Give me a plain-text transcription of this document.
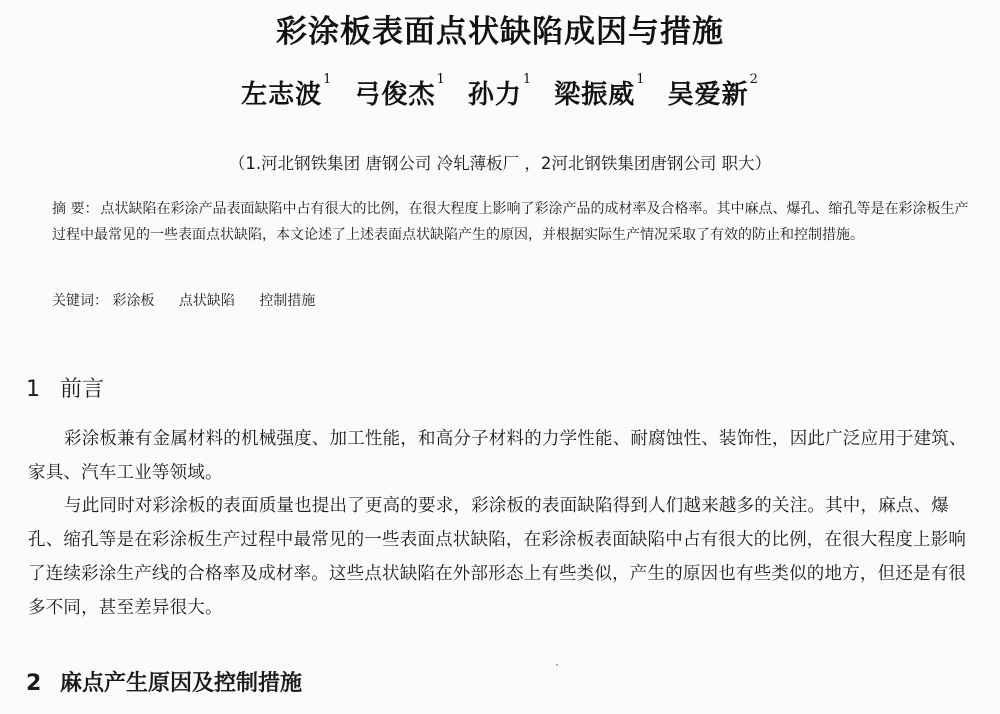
彩涂板表面点状缺陷成因与措施
左志波$^1$ 弓俊杰$^1$ 孙力$^1$ 梁振威$^1$ 吴爱新$^2$
（1.河北钢铁集团 唐钢公司 冷轧薄板厂 ，2河北钢铁集团唐钢公司 职大）
摘 要： 点状缺陷在彩涂产品表面缺陷中占有很大的比例，在很大程度上影响了彩涂产品的成材率及合格率。其中麻点、爆孔、缩孔等是在彩涂板生产过程中最常见的一些表面点状缺陷，本文论述了上述表面点状缺陷产生的原因，并根据实际生产情况采取了有效的防止和控制措施。
关键词： 彩涂板 点状缺陷 控制措施
1 前言
彩涂板兼有金属材料的机械强度、加工性能，和高分子材料的力学性能、耐腐蚀性、装饰性，因此广泛应用于建筑、家具、汽车工业等领域。
与此同时对彩涂板的表面质量也提出了更高的要求，彩涂板的表面缺陷得到人们越来越多的关注。其中，麻点、爆孔、缩孔等是在彩涂板生产过程中最常见的一些表面点状缺陷，在彩涂板表面缺陷中占有很大的比例，在很大程度上影响了连续彩涂生产线的合格率及成材率。这些点状缺陷在外部形态上有些类似，产生的原因也有些类似的地方，但还是有很多不同，甚至差异很大。
2 麻点产生原因及控制措施
